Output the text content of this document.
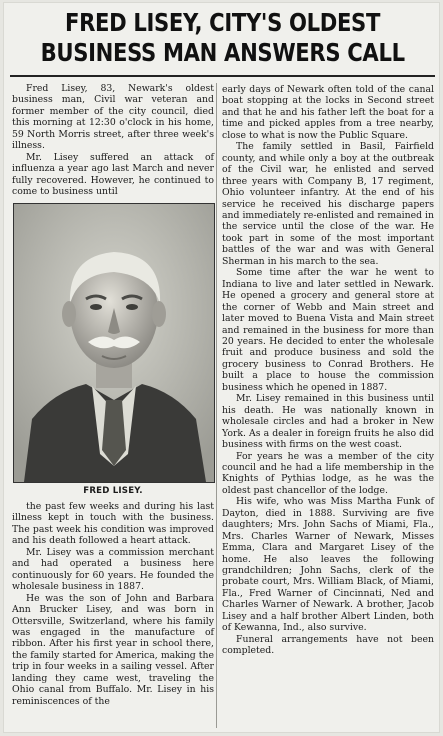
FRED LISEY, CITY'S OLDEST
BUSINESS MAN ANSWERS CALL

Fred Lisey, 83, Newark's oldest business man, Civil war veteran and former member of the city council, died this morning at 12:30 o'clock in his home, 59 North Morris street, after three week's illness.

Mr. Lisey suffered an attack of influenza a year ago last March and never fully recovered. However, he continued to come to business until

FRED LISEY.

the past few weeks and during his last illness kept in touch with the business. The past week his condition was improved and his death followed a heart attack.

Mr. Lisey was a commission merchant and had operated a business here continuously for 60 years. He founded the wholesale business in 1887.

He was the son of John and Barbara Ann Brucker Lisey, and was born in Ottersville, Switzerland, where his family was engaged in the manufacture of ribbon. After his first year in school there, the family started for America, making the trip in four weeks in a sailing vessel. After landing they came west, traveling the Ohio canal from Buffalo. Mr. Lisey in his reminiscences of the

early days of Newark often told of the canal boat stopping at the locks in Second street and that he and his father left the boat for a time and picked apples from a tree nearby, close to what is now the Public Square.

The family settled in Basil, Fairfield county, and while only a boy at the outbreak of the Civil war, he enlisted and served three years with Company B, 17 regiment, Ohio volunteer infantry. At the end of his service he received his discharge papers and immediately re-enlisted and remained in the service until the close of the war. He took part in some of the most important battles of the war and was with General Sherman in his march to the sea.

Some time after the war he went to Indiana to live and later settled in Newark. He opened a grocery and general store at the corner of Webb and Main street and later moved to Buena Vista and Main street and remained in the business for more than 20 years. He decided to enter the wholesale fruit and produce business and sold the grocery business to Conrad Brothers. He built a place to house the commission business which he opened in 1887.

Mr. Lisey remained in this business until his death. He was nationally known in wholesale circles and had a broker in New York. As a dealer in foreign fruits he also did business with firms on the west coast.

For years he was a member of the city council and he had a life membership in the Knights of Pythias lodge, as he was the oldest past chancellor of the lodge.

His wife, who was Miss Martha Funk of Dayton, died in 1888. Surviving are five daughters; Mrs. John Sachs of Miami, Fla., Mrs. Charles Warner of Newark, Misses Emma, Clara and Margaret Lisey of the home. He also leaves the following grandchildren; John Sachs, clerk of the probate court, Mrs. William Black, of Miami, Fla., Fred Warner of Cincinnati, Ned and Charles Warner of Newark. A brother, Jacob Lisey and a half brother Albert Linden, both of Kewanna, Ind., also survive.

Funeral arrangements have not been completed.
